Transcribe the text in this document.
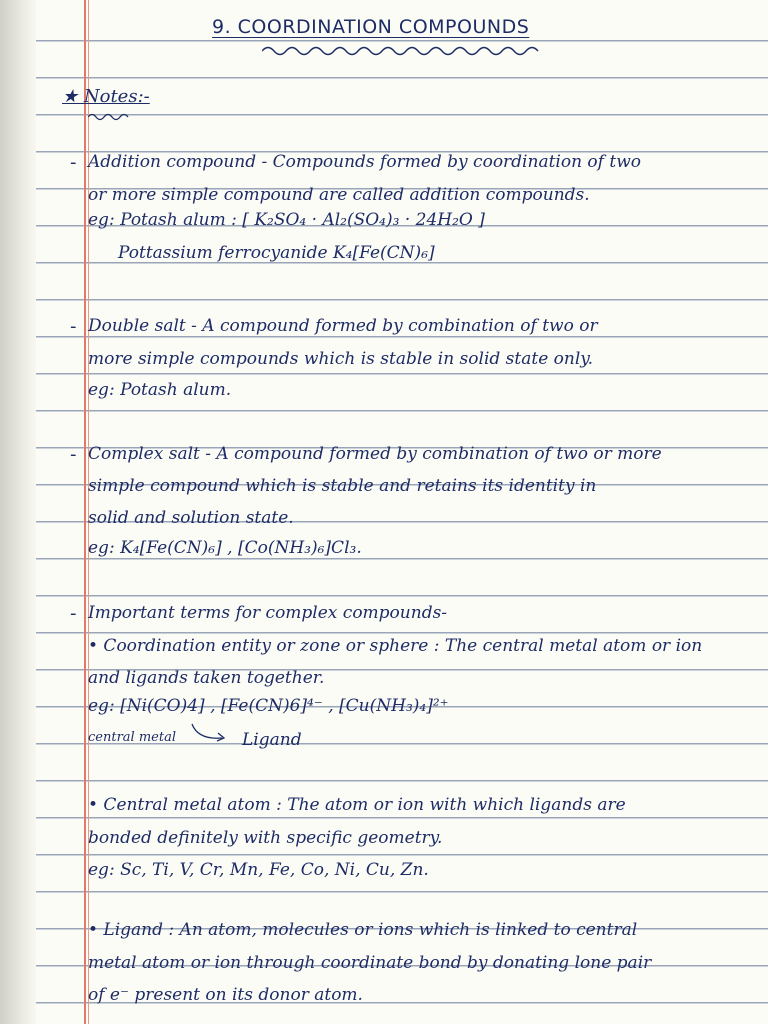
9. COORDINATION COMPOUNDS
★ Notes:-
- Addition compound - Compounds formed by coordination of two
or more simple compound are called addition compounds.
eg: Potash alum : [ K₂SO₄ · Al₂(SO₄)₃ · 24H₂O ]
Pottassium ferrocyanide K₄[Fe(CN)₆]
- Double salt - A compound formed by combination of two or
more simple compounds which is stable in solid state only.
eg: Potash alum.
- Complex salt - A compound formed by combination of two or more
simple compound which is stable and retains its identity in
solid and solution state.
eg: K₄[Fe(CN)₆] , [Co(NH₃)₆]Cl₃.
- Important terms for complex compounds-
• Coordination entity or zone or sphere : The central metal atom or ion
and ligands taken together.
eg: [Ni(CO)4] , [Fe(CN)6]⁴⁻ , [Cu(NH₃)₄]²⁺
central metal	Ligand
• Central metal atom : The atom or ion with which ligands are
bonded definitely with specific geometry.
eg: Sc, Ti, V, Cr, Mn, Fe, Co, Ni, Cu, Zn.
• Ligand : An atom, molecules or ions which is linked to central
metal atom or ion through coordinate bond by donating lone pair
of e⁻ present on its donor atom.
